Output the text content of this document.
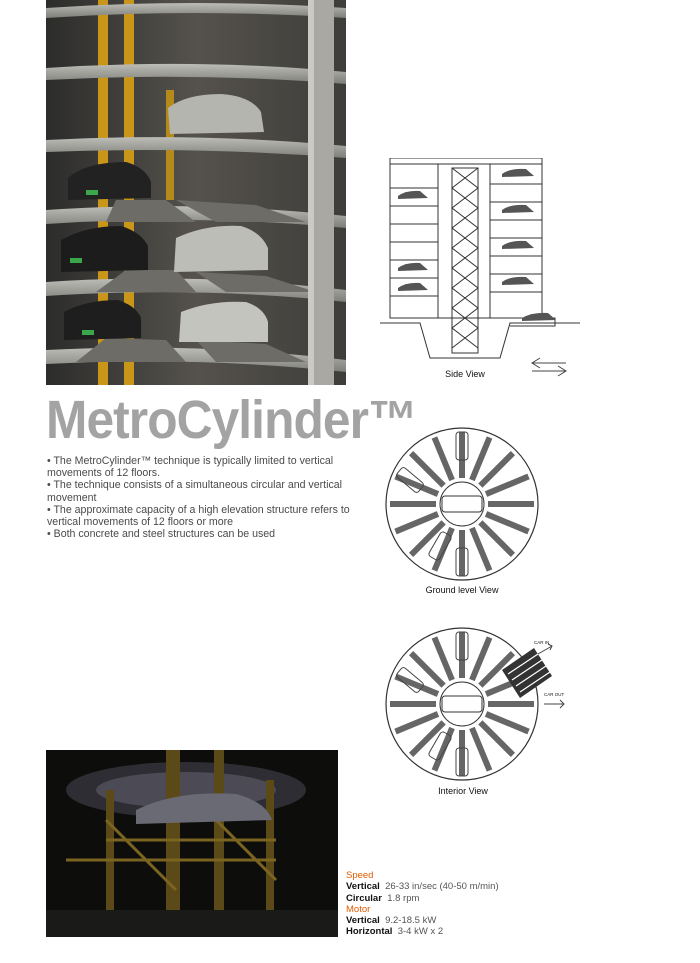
Side View
MetroCylinder™

• The MetroCylinder™ technique is typically limited to vertical movements of 12 floors.

• The technique consists of a simultaneous circular and vertical movement

• The approximate capacity of a high elevation structure refers to vertical movements of 12 floors or more

• Both concrete and steel structures can be used

Ground level View
CAR IN
CAR OUT
Interior View
Speed
Vertical 26-33 in/sec (40-50 m/min)
Circular 1.8 rpm
Motor
Vertical 9.2-18.5 kW
Horizontal 3-4 kW x 2
